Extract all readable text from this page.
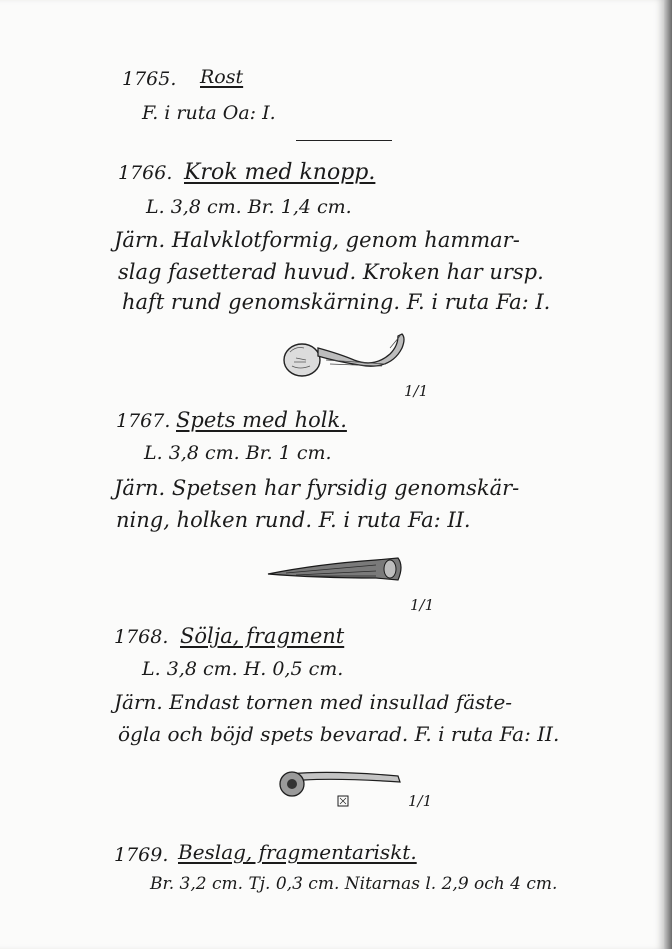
1765. Rost
F. i ruta Oa: I.
1766. Krok med knopp.
L. 3,8 cm. Br. 1,4 cm.
Järn. Halvklotformig, genom hammar-
slag fasetterad huvud. Kroken har ursp.
haft rund genomskärning. F. i ruta Fa: I.
1/1
1767. Spets med holk.
L. 3,8 cm. Br. 1 cm.
Järn. Spetsen har fyrsidig genomskär-
ning, holken rund. F. i ruta Fa: II.
1/1
1768. Sölja, fragment
L. 3,8 cm. H. 0,5 cm.
Järn. Endast tornen med insullad fäste-
ögla och böjd spets bevarad. F. i ruta Fa: II.
1/1
1769. Beslag, fragmentariskt.
Br. 3,2 cm. Tj. 0,3 cm. Nitarnas l. 2,9 och 4 cm.
